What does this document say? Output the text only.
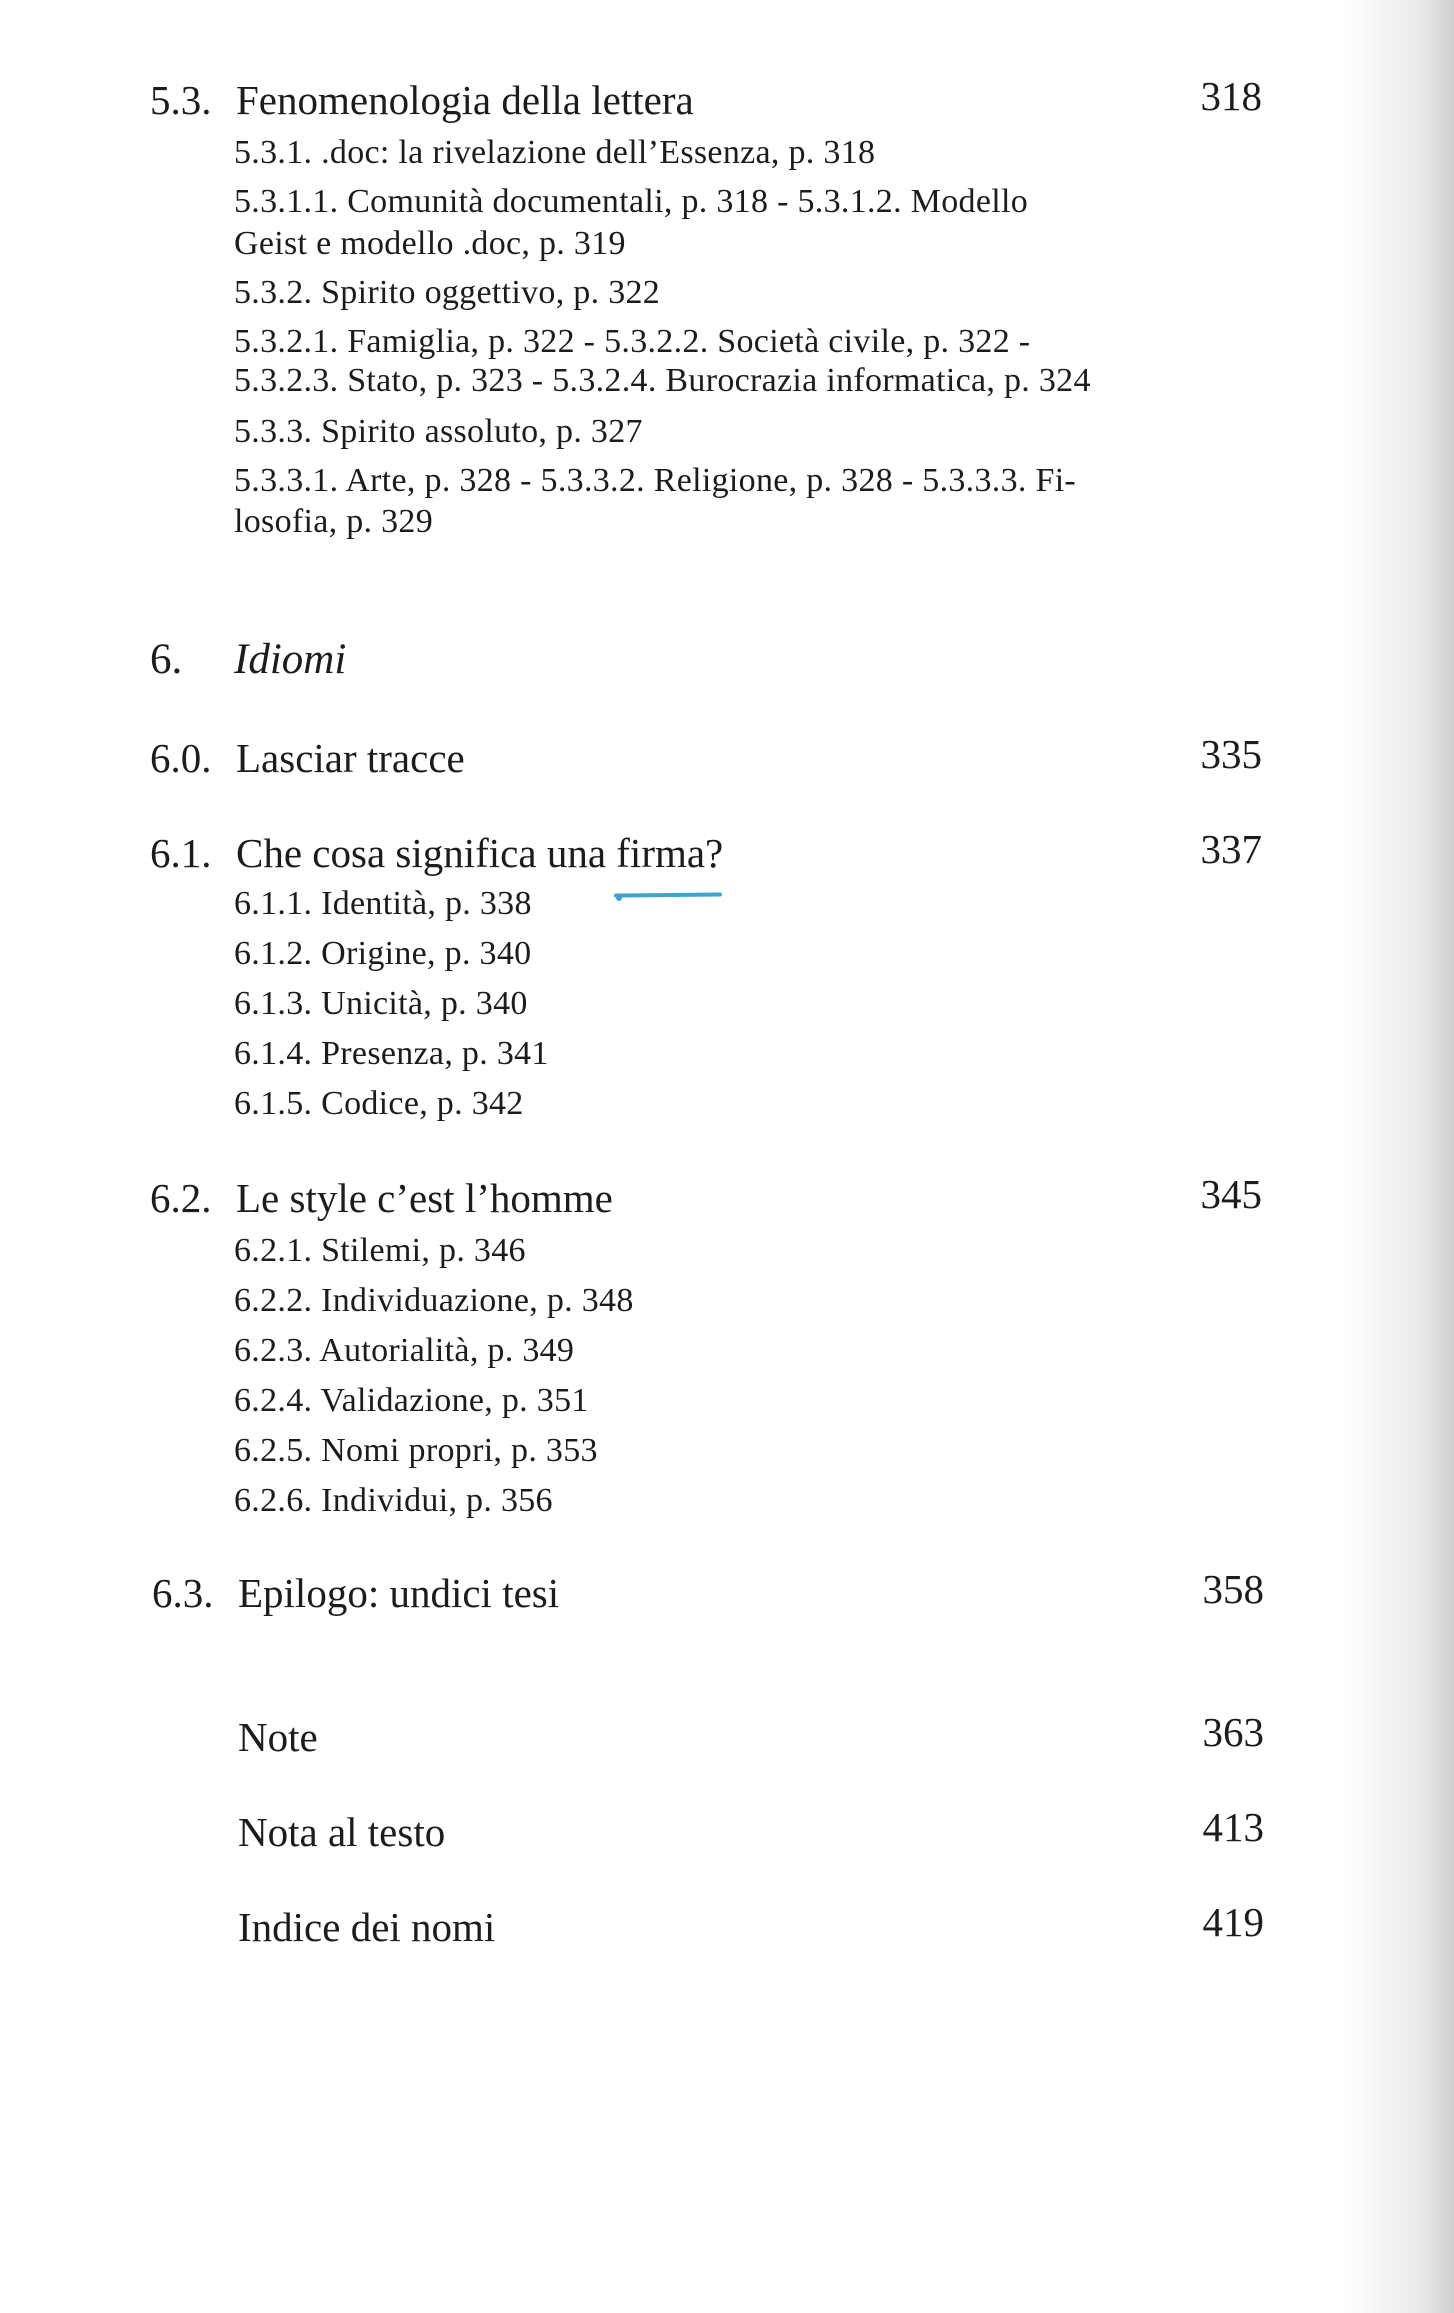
5.3. Fenomenologia della lettera	318
5.3.1. .doc: la rivelazione dell’Essenza, p. 318
5.3.1.1. Comunità documentali, p. 318 - 5.3.1.2. Modello
Geist e modello .doc, p. 319
5.3.2. Spirito oggettivo, p. 322
5.3.2.1. Famiglia, p. 322 - 5.3.2.2. Società civile, p. 322 -
5.3.2.3. Stato, p. 323 - 5.3.2.4. Burocrazia informatica, p. 324
5.3.3. Spirito assoluto, p. 327
5.3.3.1. Arte, p. 328 - 5.3.3.2. Religione, p. 328 - 5.3.3.3. Fi-
losofia, p. 329
6. Idiomi
6.0. Lasciar tracce	335
6.1. Che cosa significa una firma?	337
6.1.1. Identità, p. 338
6.1.2. Origine, p. 340
6.1.3. Unicità, p. 340
6.1.4. Presenza, p. 341
6.1.5. Codice, p. 342
6.2. Le style c’est l’homme	345
6.2.1. Stilemi, p. 346
6.2.2. Individuazione, p. 348
6.2.3. Autorialità, p. 349
6.2.4. Validazione, p. 351
6.2.5. Nomi propri, p. 353
6.2.6. Individui, p. 356
6.3. Epilogo: undici tesi	358
Note	363
Nota al testo	413
Indice dei nomi	419
